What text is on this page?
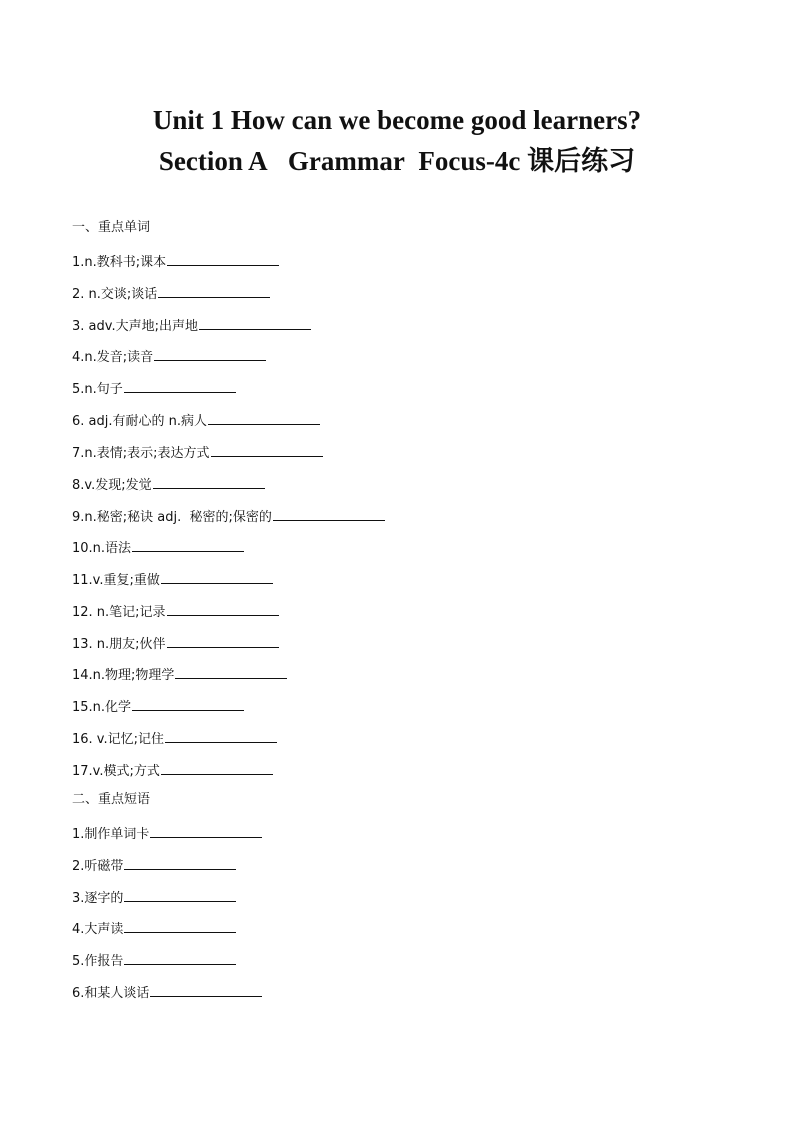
Unit 1 How can we become good learners?
Section A   Grammar  Focus-4c 课后练习
一、重点单词
1.n.教科书;课本
2. n.交谈;谈话
3. adv.大声地;出声地
4.n.发音;读音
5.n.句子
6. adj.有耐心的 n.病人
7.n.表情;表示;表达方式
8.v.发现;发觉
9.n.秘密;秘诀 adj.  秘密的;保密的
10.n.语法
11.v.重复;重做
12. n.笔记;记录
13. n.朋友;伙伴
14.n.物理;物理学
15.n.化学
16. v.记忆;记住
17.v.模式;方式
二、重点短语
1.制作单词卡
2.听磁带
3.逐字的
4.大声读
5.作报告
6.和某人谈话
